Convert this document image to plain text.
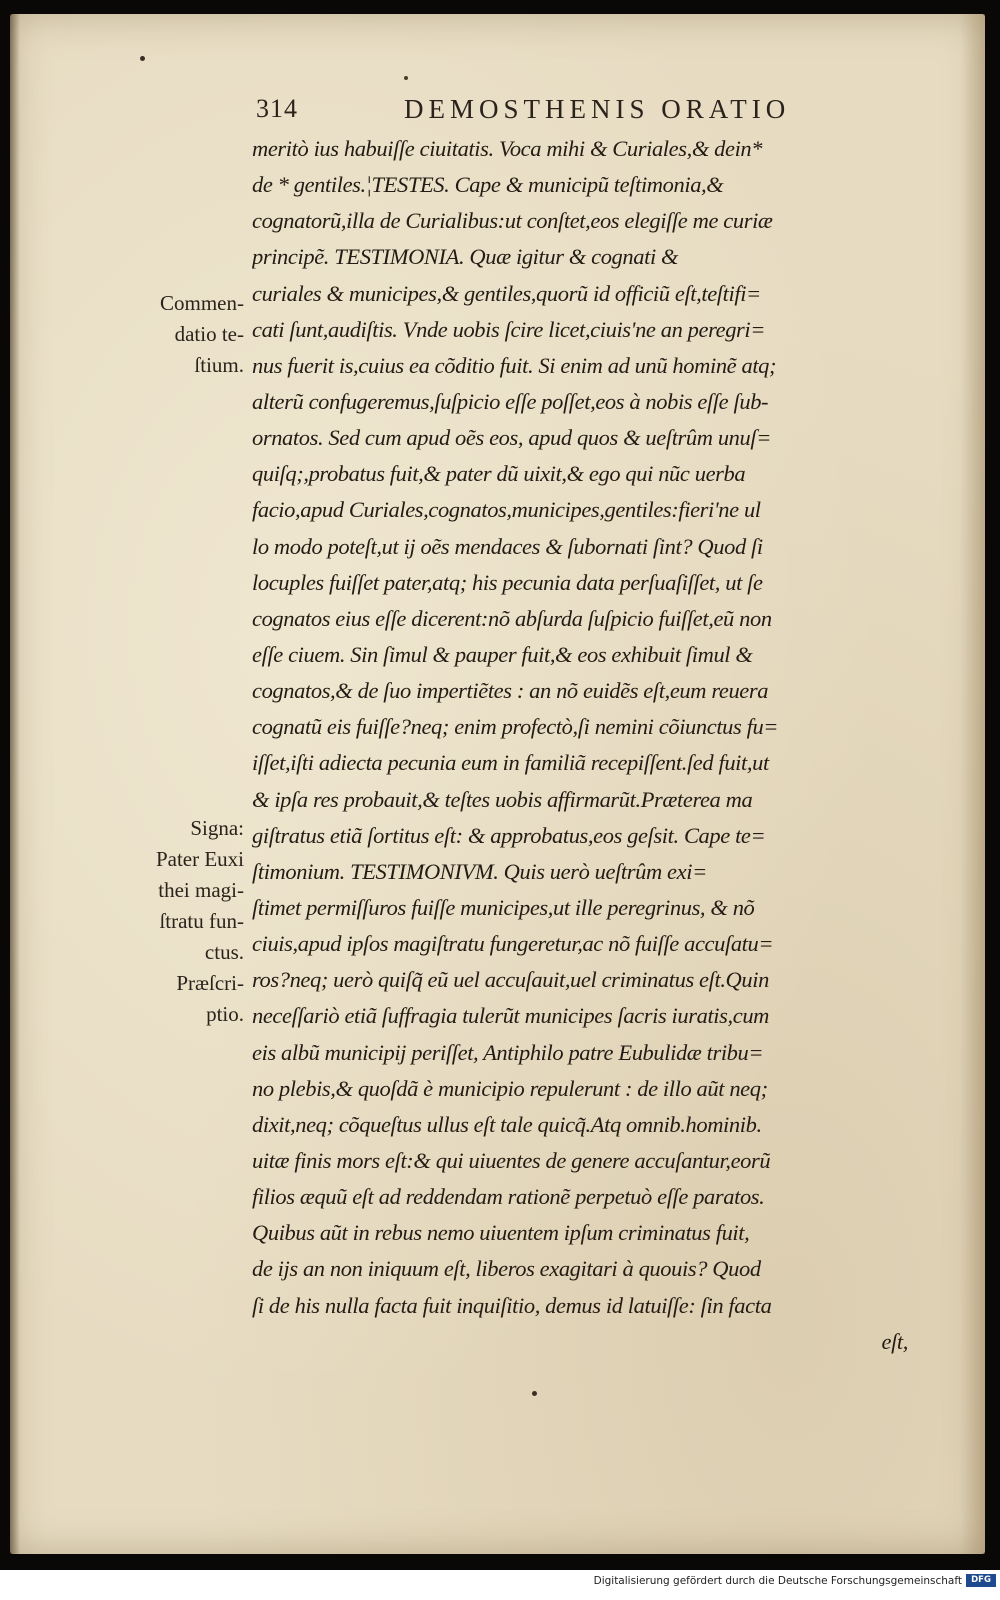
314	DEMOSTHENIS ORATIO
meritò ius habuiſſe ciuitatis. Voca mihi & Curiales,& dein*
de * gentiles.¦TESTES. Cape & municipũ teſtimonia,&
cognatorũ,illa de Curialibus:ut conſtet,eos elegiſſe me curiæ
principẽ. TESTIMONIA. Quæ igitur & cognati &
curiales & municipes,& gentiles,quorũ id officiũ eſt,teſtifi=
cati ſunt,audiſtis. Vnde uobis ſcire licet,ciuis'ne an peregri=
nus fuerit is,cuius ea cõditio fuit. Si enim ad unũ hominẽ atq;
alterũ confugeremus,ſuſpicio eſſe poſſet,eos à nobis eſſe ſub-
ornatos. Sed cum apud oẽs eos, apud quos & ueſtrûm unuſ=
quiſq;,probatus fuit,& pater dũ uixit,& ego qui nũc uerba
facio,apud Curiales,cognatos,municipes,gentiles:fieri'ne ul
lo modo poteſt,ut ij oẽs mendaces & ſubornati ſint? Quod ſi
locuples fuiſſet pater,atq; his pecunia data perſuaſiſſet, ut ſe
cognatos eius eſſe dicerent:nõ abſurda ſuſpicio fuiſſet,eũ non
eſſe ciuem. Sin ſimul & pauper fuit,& eos exhibuit ſimul &
cognatos,& de ſuo impertiẽtes : an nõ euidẽs eſt,eum reuera
cognatũ eis fuiſſe?neq; enim profectò,ſi nemini cõiunctus fu=
iſſet,iſti adiecta pecunia eum in familiã recepiſſent.ſed fuit,ut
& ipſa res probauit,& teſtes uobis affirmarũt.Præterea ma
giſtratus etiã ſortitus eſt: & approbatus,eos geſsit. Cape te=
ſtimonium. TESTIMONIVM. Quis uerò ueſtrûm exi=
ſtimet permiſſuros fuiſſe municipes,ut ille peregrinus, & nõ
ciuis,apud ipſos magiſtratu fungeretur,ac nõ fuiſſe accuſatu=
ros?neq; uerò quiſq̃ eũ uel accuſauit,uel criminatus eſt.Quin
neceſſariò etiã ſuffragia tulerũt municipes ſacris iuratis,cum
eis albũ municipij periſſet, Antiphilo patre Eubulidæ tribu=
no plebis,& quoſdã è municipio repulerunt : de illo aũt neq;
dixit,neq; cõqueſtus ullus eſt tale quicq̃.Atq omnib.hominib.
uitæ finis mors eſt:& qui uiuentes de genere accuſantur,eorũ
filios æquũ eſt ad reddendam rationẽ perpetuò eſſe paratos.
Quibus aũt in rebus nemo uiuentem ipſum criminatus fuit,
de ijs an non iniquum eſt, liberos exagitari à quouis? Quod
ſi de his nulla facta fuit inquiſitio, demus id latuiſſe: ſin facta
eſt,
Commen-
datio te-
ſtium.
Signa:
Pater Euxi
thei magi-
ſtratu fun-
ctus.
Præſcri-
ptio.
Digitalisierung gefördert durch die Deutsche Forschungsgemeinschaft	DFG
